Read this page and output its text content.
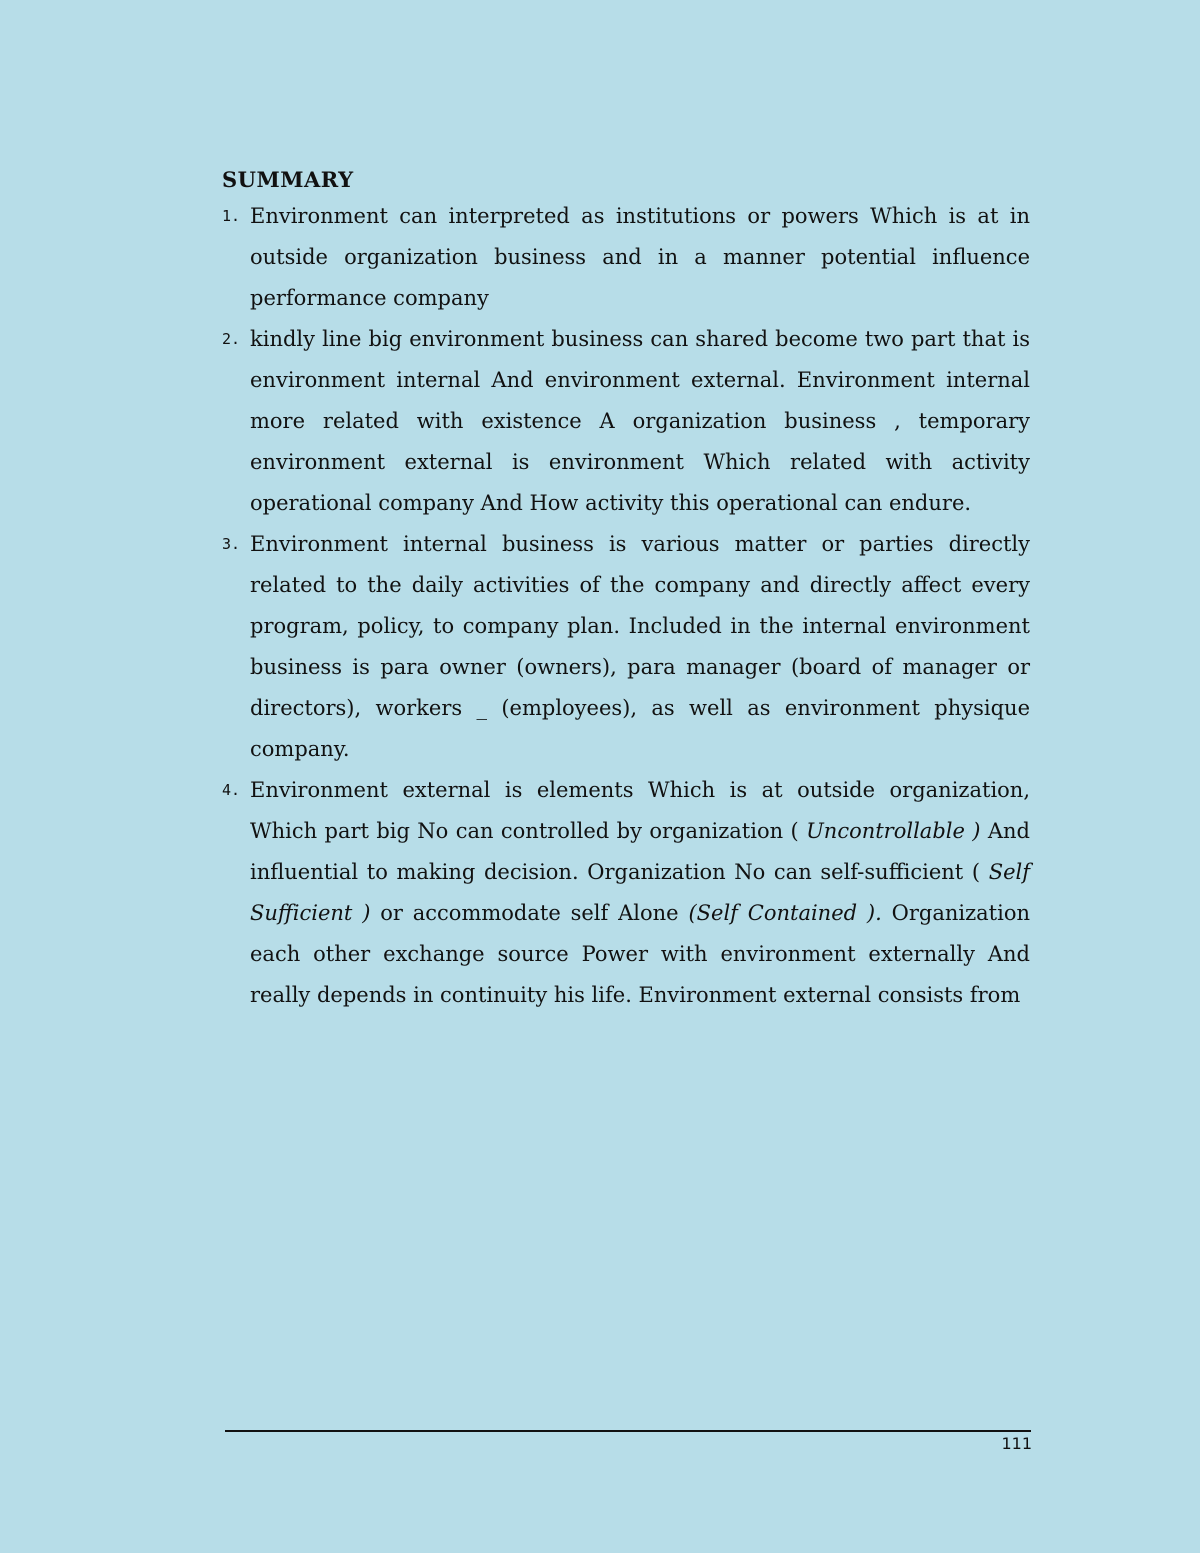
SUMMARY
1. Environment can interpreted as institutions or powers Which is at in outside organization business and in a manner potential influence performance company
2. kindly line big environment business can shared become two part that is environment internal And environment external. Environment internal more related with existence A organization business , temporary environment external is environment Which related with activity operational company And How activity this operational can endure.
3. Environment internal business is various matter or parties directly related to the daily activities of the company and directly affect every program, policy, to company plan. Included in the internal environment business is para owner (owners), para manager (board of manager or directors), workers _ (employees), as well as environment physique company.
4. Environment external is elements Which is at outside organization, Which part big No can controlled by organization ( Uncontrollable ) And influential to making decision. Organization No can self-sufficient ( Self Sufficient ) or accommodate self Alone (Self Contained ). Organization each other exchange source Power with environment externally And really depends in continuity his life. Environment external consists from
111
